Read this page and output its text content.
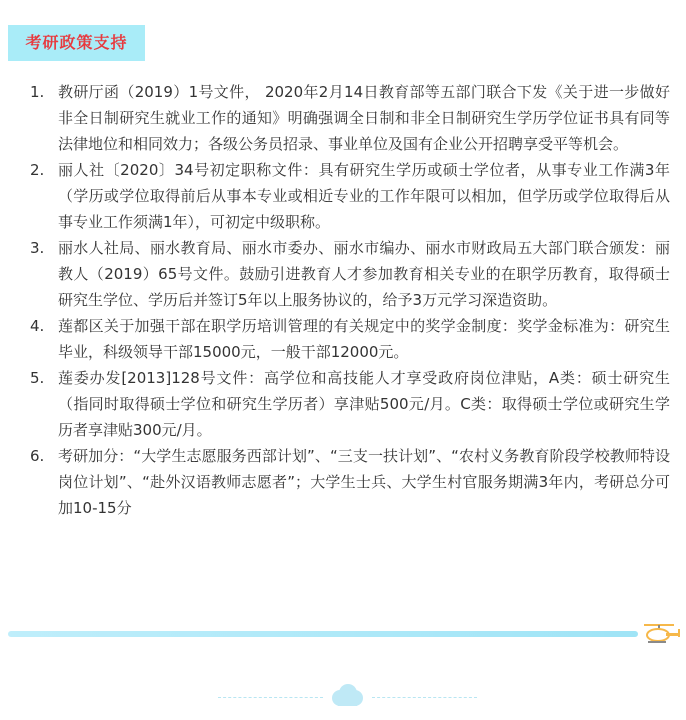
考研政策支持
1. 教研厅函（2019）1号文件， 2020年2月14日教育部等五部门联合下发《关于进一步做好非全日制研究生就业工作的通知》明确强调全日制和非全日制研究生学历学位证书具有同等法律地位和相同效力；各级公务员招录、事业单位及国有企业公开招聘享受平等机会。
2. 丽人社〔2020〕34号初定职称文件：具有研究生学历或硕士学位者，从事专业工作满3年（学历或学位取得前后从事本专业或相近专业的工作年限可以相加，但学历或学位取得后从事专业工作须满1年），可初定中级职称。
3. 丽水人社局、丽水教育局、丽水市委办、丽水市编办、丽水市财政局五大部门联合颁发：丽教人（2019）65号文件。鼓励引进教育人才参加教育相关专业的在职学历教育，取得硕士研究生学位、学历后并签订5年以上服务协议的，给予3万元学习深造资助。
4. 莲都区关于加强干部在职学历培训管理的有关规定中的奖学金制度：奖学金标准为：研究生毕业，科级领导干部15000元，一般干部12000元。
5. 莲委办发[2013]128号文件：高学位和高技能人才享受政府岗位津贴，A类：硕士研究生（指同时取得硕士学位和研究生学历者）享津贴500元/月。C类：取得硕士学位或研究生学历者享津贴300元/月。
6. 考研加分：“大学生志愿服务西部计划”、“三支一扶计划”、“农村义务教育阶段学校教师特设岗位计划”、“赴外汉语教师志愿者”；大学生士兵、大学生村官服务期满3年内，考研总分可加10-15分
